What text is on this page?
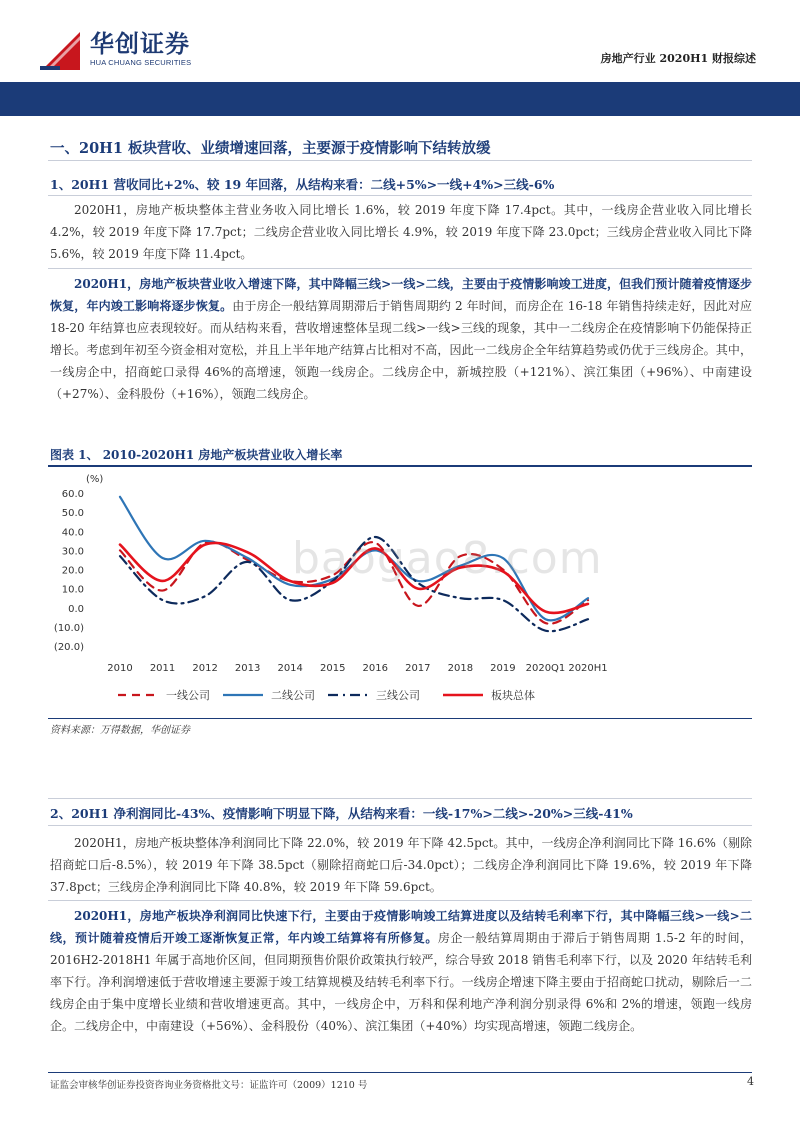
华创证券
HUA CHUANG SECURITIES	房地产行业 2020H1 财报综述
一、20H1 板块营收、业绩增速回落，主要源于疫情影响下结转放缓
1、20H1 营收同比+2%、较 19 年回落，从结构来看：二线+5%>一线+4%>三线-6%
2020H1，房地产板块整体主营业务收入同比增长 1.6%，较 2019 年度下降 17.4pct。其中，一线房企营业收入同比增长 4.2%，较 2019 年度下降 17.7pct；二线房企营业收入同比增长 4.9%，较 2019 年度下降 23.0pct；三线房企营业收入同比下降 5.6%，较 2019 年度下降 11.4pct。
2020H1，房地产板块营业收入增速下降，其中降幅三线>一线>二线，主要由于疫情影响竣工进度，但我们预计随着疫情逐步恢复，年内竣工影响将逐步恢复。由于房企一般结算周期滞后于销售周期约 2 年时间，而房企在 16-18 年销售持续走好，因此对应 18-20 年结算也应表现较好。而从结构来看，营收增速整体呈现二线>一线>三线的现象，其中一二线房企在疫情影响下仍能保持正增长。考虑到年初至今资金相对宽松，并且上半年地产结算占比相对不高，因此一二线房企全年结算趋势或仍优于三线房企。其中，一线房企中，招商蛇口录得 46%的高增速，领跑一线房企。二线房企中，新城控股（+121%）、滨江集团（+96%）、中南建设（+27%）、金科股份（+16%），领跑二线房企。
图表 1、 2010-2020H1 房地产板块营业收入增长率
(%)
60.0
50.0
40.0
30.0
20.0
10.0
0.0
(10.0)
(20.0)
2010 2011 2012 2013 2014 2015 2016 2017 2018 2019 2020Q1 2020H1
一线公司	二线公司	三线公司	板块总体
baogao8.com
资料来源：万得数据，华创证券
2、20H1 净利润同比-43%、疫情影响下明显下降，从结构来看：一线-17%>二线>-20%>三线-41%
2020H1，房地产板块整体净利润同比下降 22.0%，较 2019 年下降 42.5pct。其中，一线房企净利润同比下降 16.6%（剔除招商蛇口后-8.5%），较 2019 年下降 38.5pct（剔除招商蛇口后-34.0pct）；二线房企净利润同比下降 19.6%，较 2019 年下降 37.8pct；三线房企净利润同比下降 40.8%，较 2019 年下降 59.6pct。
2020H1，房地产板块净利润同比快速下行，主要由于疫情影响竣工结算进度以及结转毛利率下行，其中降幅三线>一线>二线，预计随着疫情后开竣工逐渐恢复正常，年内竣工结算将有所修复。房企一般结算周期由于滞后于销售周期 1.5-2 年的时间，2016H2-2018H1 年属于高地价区间，但同期预售价限价政策执行较严，综合导致 2018 销售毛利率下行，以及 2020 年结转毛利率下行。净利润增速低于营收增速主要源于竣工结算规模及结转毛利率下行。一线房企增速下降主要由于招商蛇口扰动，剔除后一二线房企由于集中度增长业绩和营收增速更高。其中，一线房企中，万科和保利地产净利润分别录得 6%和 2%的增速，领跑一线房企。二线房企中，中南建设（+56%）、金科股份（40%）、滨江集团（+40%）均实现高增速，领跑二线房企。
证监会审核华创证券投资咨询业务资格批文号：证监许可（2009）1210 号	4
